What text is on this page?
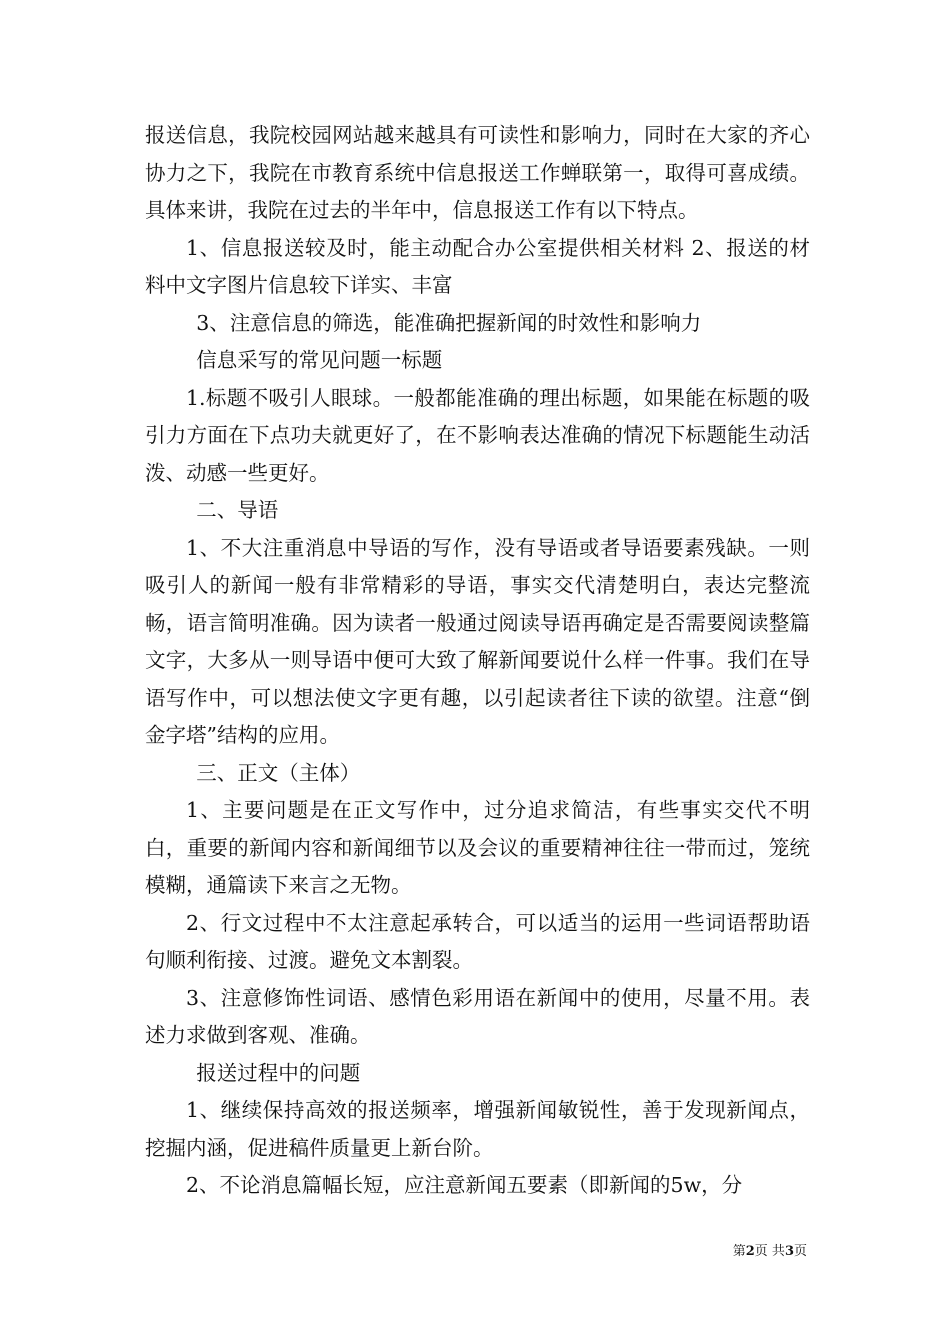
报送信息，我院校园网站越来越具有可读性和影响力，同时在大家的齐心协力之下，我院在市教育系统中信息报送工作蝉联第一，取得可喜成绩。具体来讲，我院在过去的半年中，信息报送工作有以下特点。

1、信息报送较及时，能主动配合办公室提供相关材料 2、报送的材料中文字图片信息较下详实、丰富

3、注意信息的筛选，能准确把握新闻的时效性和影响力

信息采写的常见问题一标题

1.标题不吸引人眼球。一般都能准确的理出标题，如果能在标题的吸引力方面在下点功夫就更好了，在不影响表达准确的情况下标题能生动活泼、动感一些更好。

二、导语

1、不大注重消息中导语的写作，没有导语或者导语要素残缺。一则吸引人的新闻一般有非常精彩的导语，事实交代清楚明白，表达完整流畅，语言简明准确。因为读者一般通过阅读导语再确定是否需要阅读整篇文字，大多从一则导语中便可大致了解新闻要说什么样一件事。我们在导语写作中，可以想法使文字更有趣，以引起读者往下读的欲望。注意“倒金字塔”结构的应用。

三、正文（主体）

1、主要问题是在正文写作中，过分追求简洁，有些事实交代不明白，重要的新闻内容和新闻细节以及会议的重要精神往往一带而过，笼统模糊，通篇读下来言之无物。

2、行文过程中不太注意起承转合，可以适当的运用一些词语帮助语句顺利衔接、过渡。避免文本割裂。

3、注意修饰性词语、感情色彩用语在新闻中的使用，尽量不用。表述力求做到客观、准确。

报送过程中的问题

1、继续保持高效的报送频率，增强新闻敏锐性，善于发现新闻点，挖掘内涵，促进稿件质量更上新台阶。

2、不论消息篇幅长短，应注意新闻五要素（即新闻的5w，分

第2页 共3页
